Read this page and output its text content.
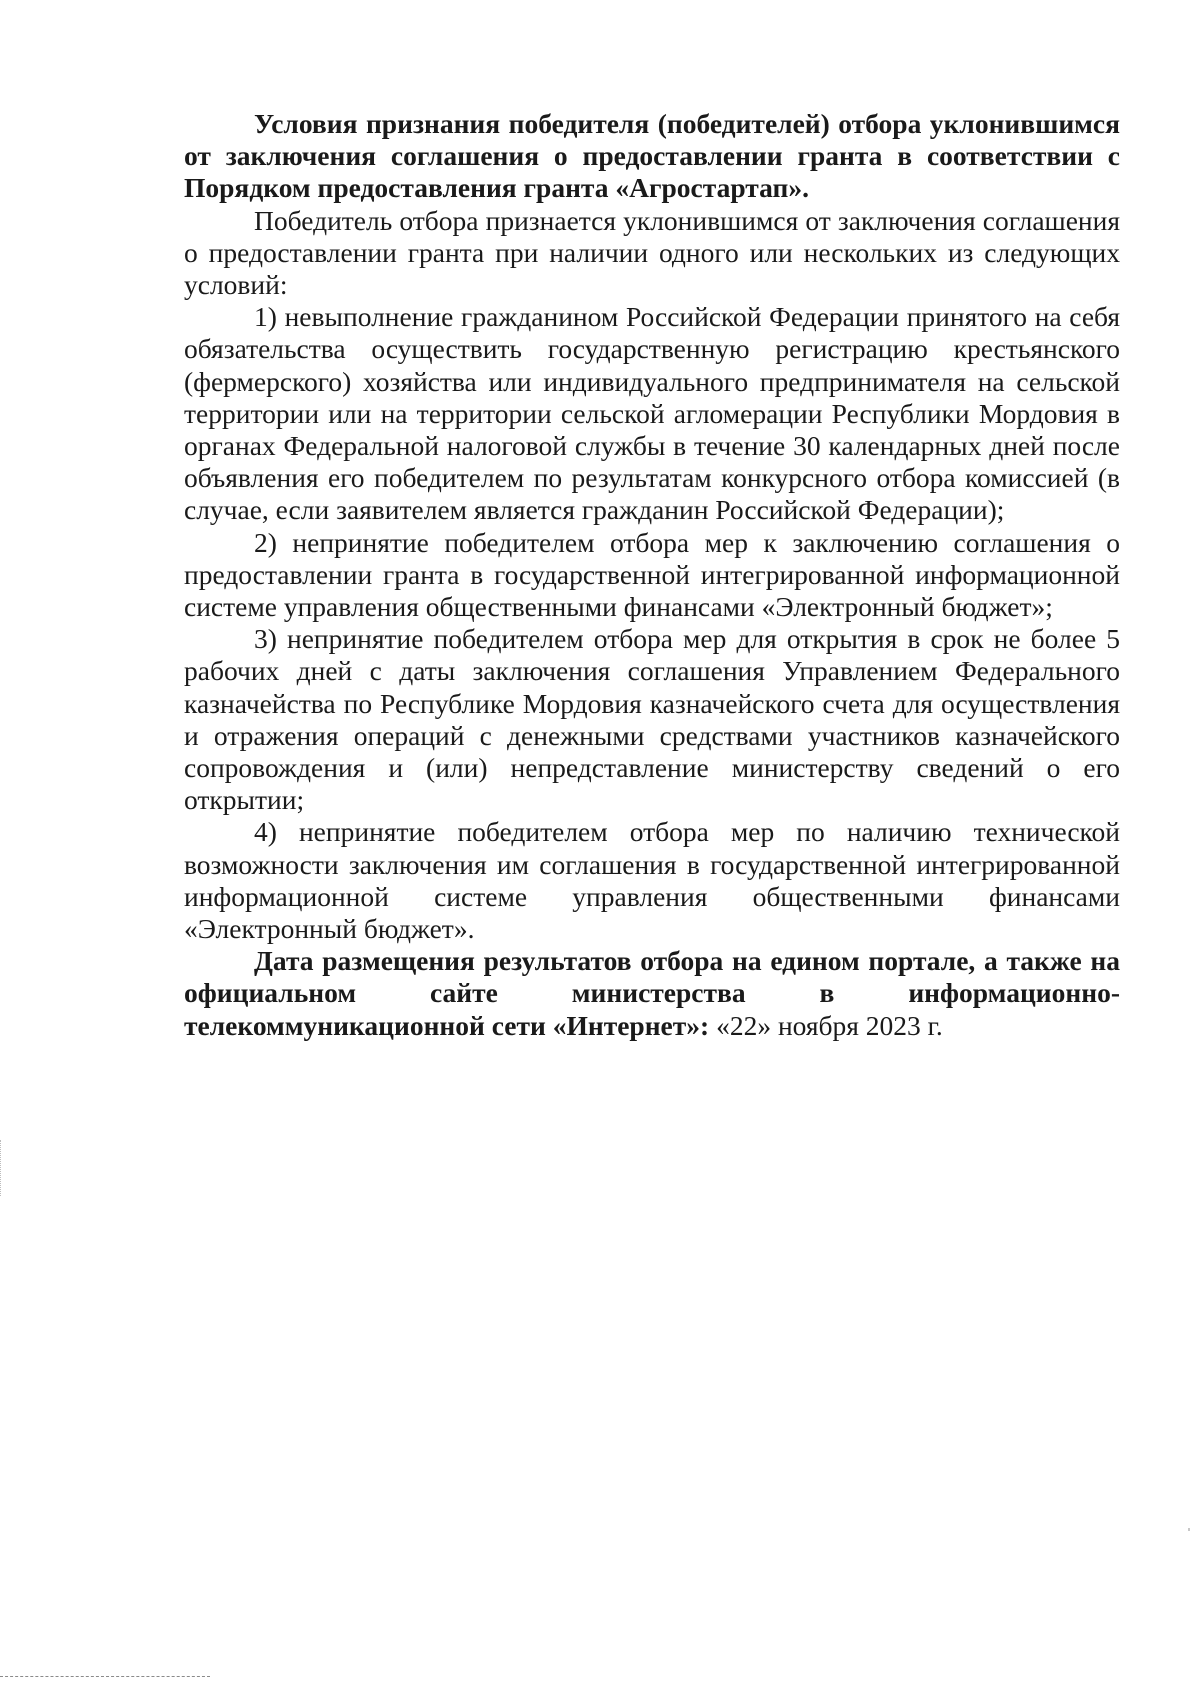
Условия признания победителя (победителей) отбора уклонившимся от заключения соглашения о предоставлении гранта в соответствии с Порядком предоставления гранта «Агростартап».

Победитель отбора признается уклонившимся от заключения соглашения о предоставлении гранта при наличии одного или нескольких из следующих условий:

1) невыполнение гражданином Российской Федерации принятого на себя обязательства осуществить государственную регистрацию крестьянского (фермерского) хозяйства или индивидуального предпринимателя на сельской территории или на территории сельской агломерации Республики Мордовия в органах Федеральной налоговой службы в течение 30 календарных дней после объявления его победителем по результатам конкурсного отбора комиссией (в случае, если заявителем является гражданин Российской Федерации);

2) непринятие победителем отбора мер к заключению соглашения о предоставлении гранта в государственной интегрированной информационной системе управления общественными финансами «Электронный бюджет»;

3) непринятие победителем отбора мер для открытия в срок не более 5 рабочих дней с даты заключения соглашения Управлением Федерального казначейства по Республике Мордовия казначейского счета для осуществления и отражения операций с денежными средствами участников казначейского сопровождения и (или) непредставление министерству сведений о его открытии;

4) непринятие победителем отбора мер по наличию технической возможности заключения им соглашения в государственной интегрированной информационной системе управления общественными финансами «Электронный бюджет».

Дата размещения результатов отбора на едином портале, а также на официальном сайте министерства в информационно-телекоммуникационной сети «Интернет»: «22» ноября 2023 г.
